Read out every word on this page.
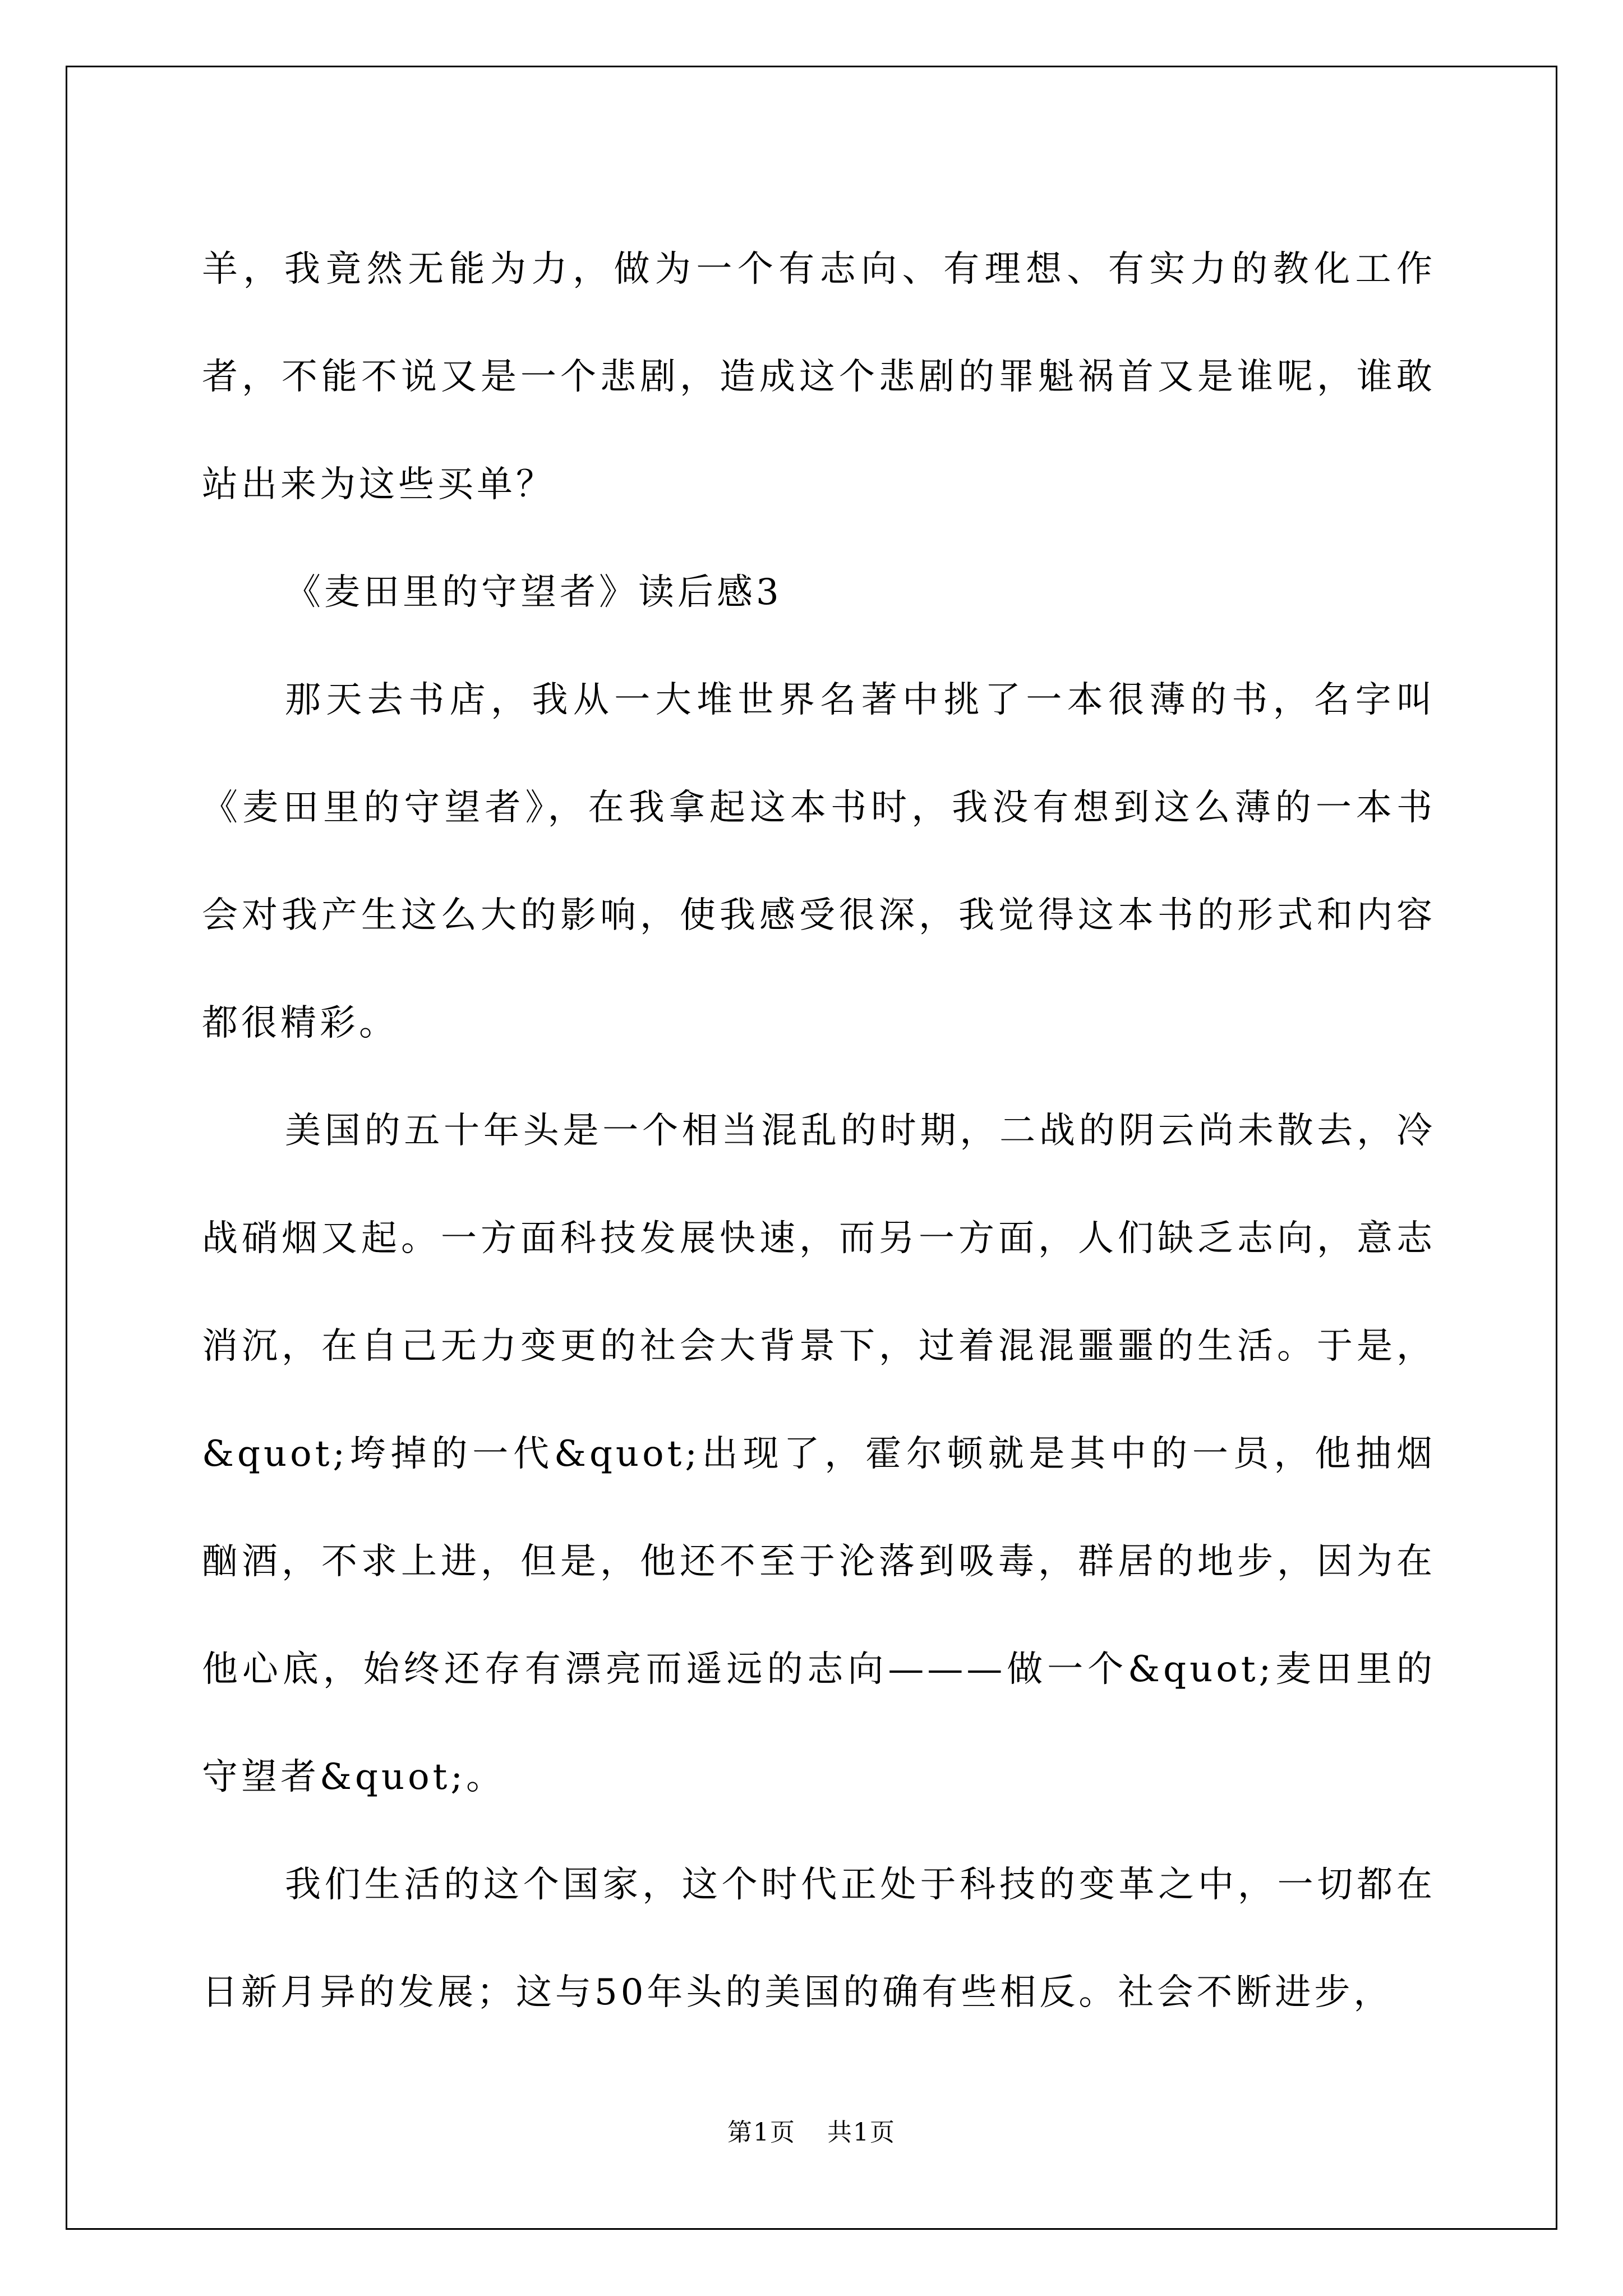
羊，我竟然无能为力，做为一个有志向、有理想、有实力的教化工作者，不能不说又是一个悲剧，造成这个悲剧的罪魁祸首又是谁呢，谁敢站出来为这些买单？

《麦田里的守望者》读后感3

那天去书店，我从一大堆世界名著中挑了一本很薄的书，名字叫《麦田里的守望者》，在我拿起这本书时，我没有想到这么薄的一本书会对我产生这么大的影响，使我感受很深，我觉得这本书的形式和内容都很精彩。

美国的五十年头是一个相当混乱的时期，二战的阴云尚未散去，冷战硝烟又起。一方面科技发展快速，而另一方面，人们缺乏志向，意志消沉，在自己无力变更的社会大背景下，过着混混噩噩的生活。于是，&quot;垮掉的一代&quot;出现了，霍尔顿就是其中的一员，他抽烟酗酒，不求上进，但是，他还不至于沦落到吸毒，群居的地步，因为在他心底，始终还存有漂亮而遥远的志向———做一个&quot;麦田里的守望者&quot;。

我们生活的这个国家，这个时代正处于科技的变革之中，一切都在日新月异的发展；这与50年头的美国的确有些相反。社会不断进步，

第1页 共1页
